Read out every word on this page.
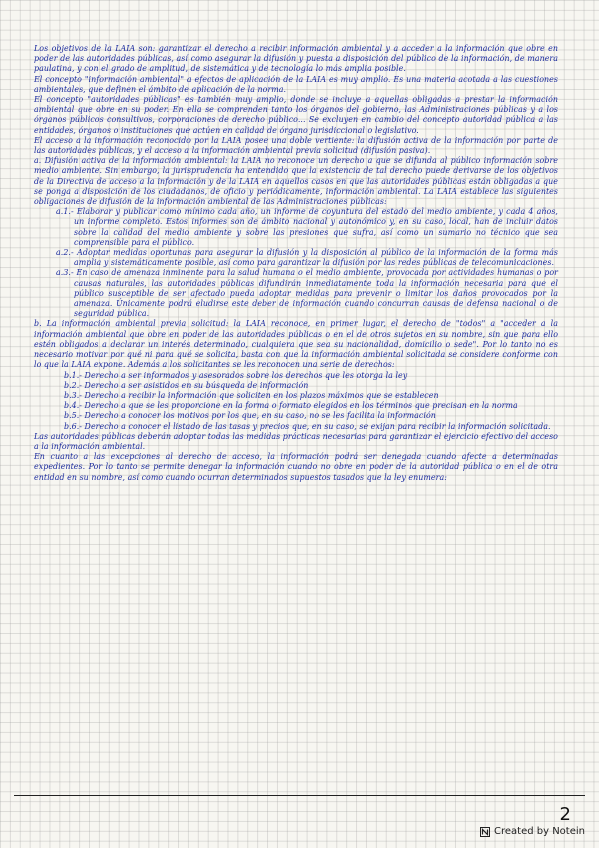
Los objetivos de la LAIA son: garantizar el derecho a recibir información ambiental y a acceder a la información que obre en poder de las autoridades públicas, así como asegurar la difusión y puesta a disposición del público de la información, de manera paulatina, y con el grado de amplitud, de sistemática y de tecnología lo más amplia posible.

El concepto "información ambiental" a efectos de aplicación de la LAIA es muy amplio. Es una materia acotada a las cuestiones ambientales, que definen el ámbito de aplicación de la norma.

El concepto "autoridades públicas" es también muy amplio, donde se incluye a aquellas obligadas a prestar la información ambiental que obre en su poder. En ella se comprenden tanto los órganos del gobierno, las Administraciones públicas y a los órganos públicos consultivos, corporaciones de derecho público... Se excluyen en cambio del concepto autoridad pública a las entidades, órganos o instituciones que actúen en calidad de órgano jurisdiccional o legislativo.

El acceso a la información reconocido por la LAIA posee una doble vertiente: la difusión activa de la información por parte de las autoridades públicas, y el acceso a la información ambiental previa solicitud (difusión pasiva).

a. Difusión activa de la información ambiental: la LAIA no reconoce un derecho a que se difunda al público información sobre medio ambiente. Sin embargo, la jurisprudencia ha entendido que la existencia de tal derecho puede derivarse de los objetivos de la Directiva de acceso a la información y de la LAIA en aquellos casos en que las autoridades públicas están obligadas a que se ponga a disposición de los ciudadanos, de oficio y periódicamente, información ambiental. La LAIA establece las siguientes obligaciones de difusión de la información ambiental de las Administraciones públicas:

a.1.- Elaborar y publicar como mínimo cada año, un informe de coyuntura del estado del medio ambiente, y cada 4 años, un informe completo. Estos informes son de ámbito nacional y autonómico y, en su caso, local, han de incluir datos sobre la calidad del medio ambiente y sobre las presiones que sufra, así como un sumario no técnico que sea comprensible para el público.

a.2.- Adoptar medidas oportunas para asegurar la difusión y la disposición al público de la información de la forma más amplia y sistemáticamente posible, así como para garantizar la difusión por las redes públicas de telecomunicaciones.

a.3.- En caso de amenaza inminente para la salud humana o el medio ambiente, provocada por actividades humanas o por causas naturales, las autoridades públicas difundirán inmediatamente toda la información necesaria para que el público susceptible de ser afectado pueda adoptar medidas para prevenir o limitar los daños provocados por la amenaza. Únicamente podrá eludirse este deber de información cuando concurran causas de defensa nacional o de seguridad pública.

b. La información ambiental previa solicitud: la LAIA reconoce, en primer lugar, el derecho de "todos" a "acceder a la información ambiental que obre en poder de las autoridades públicas o en el de otros sujetos en su nombre, sin que para ello estén obligados a declarar un interés determinado, cualquiera que sea su nacionalidad, domicilio o sede". Por lo tanto no es necesario motivar por qué ni para qué se solicita, basta con que la información ambiental solicitada se considere conforme con lo que la LAIA expone. Además a los solicitantes se les reconocen una serie de derechos:

b.1.- Derecho a ser informados y asesorados sobre los derechos que les otorga la ley

b.2.- Derecho a ser asistidos en su búsqueda de información

b.3.- Derecho a recibir la información que soliciten en los plazos máximos que se establecen

b.4.- Derecho a que se les proporcione en la forma o formato elegidos en los términos que precisan en la norma

b.5.- Derecho a conocer los motivos por los que, en su caso, no se les facilita la información

b.6.- Derecho a conocer el listado de las tasas y precios que, en su caso, se exijan para recibir la información solicitada.

Las autoridades públicas deberán adoptar todas las medidas prácticas necesarias para garantizar el ejercicio efectivo del acceso a la información ambiental.

En cuanto a las excepciones al derecho de acceso, la información podrá ser denegada cuando afecte a determinadas expedientes. Por lo tanto se permite denegar la información cuando no obre en poder de la autoridad pública o en el de otra entidad en su nombre, así como cuando ocurran determinados supuestos tasados que la ley enumera:

2
Created by Notein
